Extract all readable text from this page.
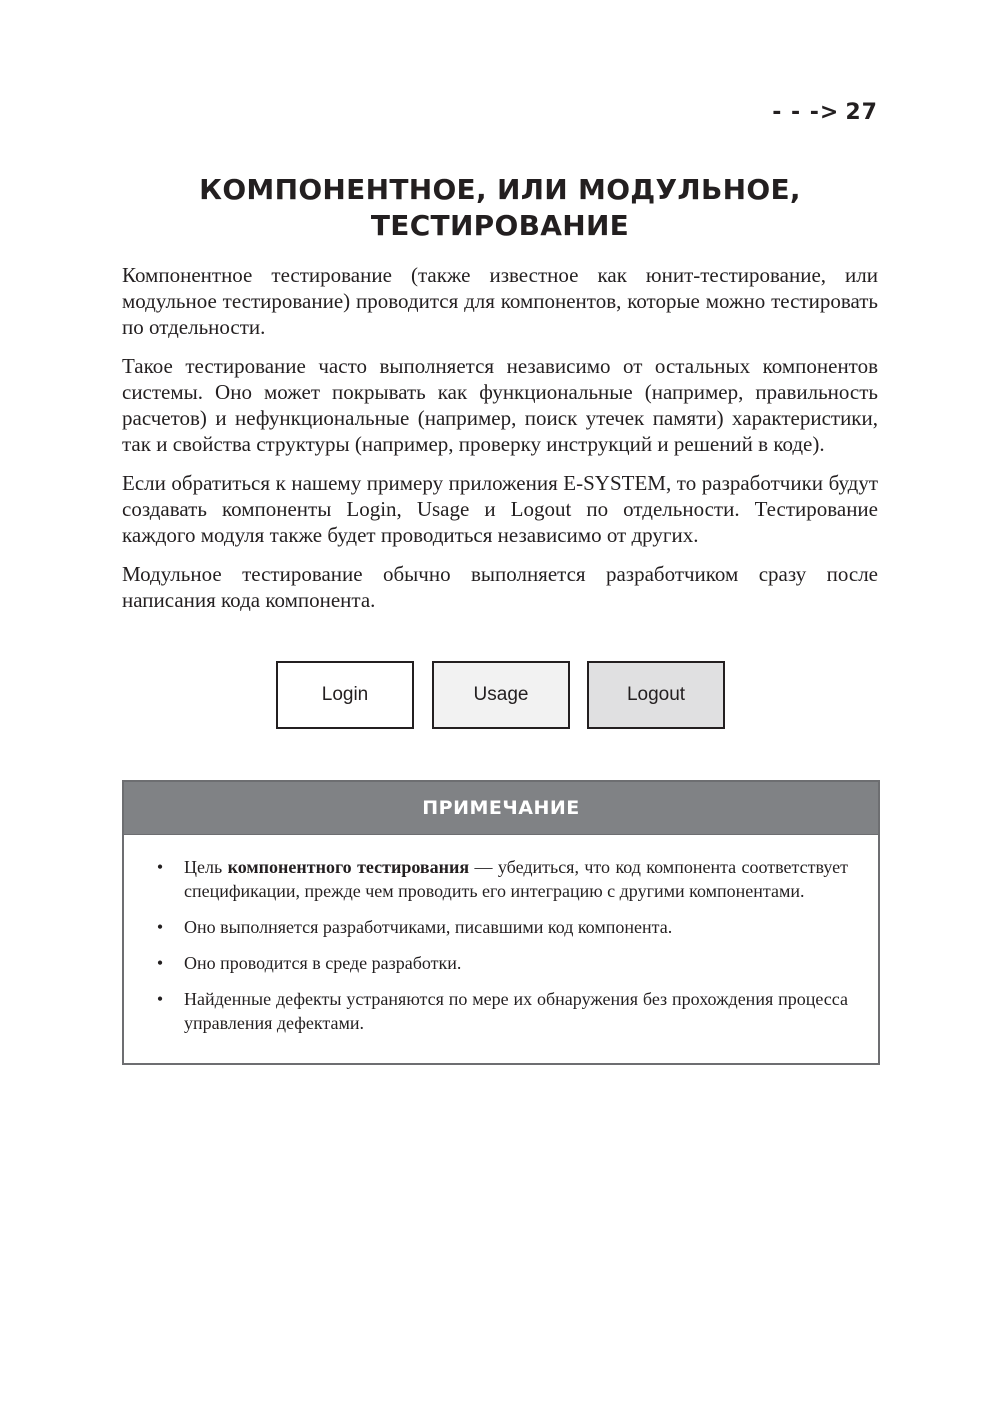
- - -> 27
КОМПОНЕНТНОЕ, ИЛИ МОДУЛЬНОЕ,
ТЕСТИРОВАНИЕ

Компонентное тестирование (также известное как юнит-тестирование, или модульное тестирование) проводится для компонентов, которые можно тестировать по отдельности.

Такое тестирование часто выполняется независимо от остальных компонентов системы. Оно может покрывать как функциональные (например, правильность расчетов) и нефункциональные (например, поиск утечек памяти) характеристики, так и свойства структуры (например, проверку инструкций и решений в коде).

Если обратиться к нашему примеру приложения E-SYSTEM, то разработчики будут создавать компоненты Login, Usage и Logout по отдельности. Тестирование каждого модуля также будет проводиться независимо от других.

Модульное тестирование обычно выполняется разработчиком сразу после написания кода компонента.

Login	Usage	Logout
ПРИМЕЧАНИЕ
• Цель компонентного тестирования — убедиться, что код компонента соответствует спецификации, прежде чем проводить его интеграцию с другими компонентами.
• Оно выполняется разработчиками, писавшими код компонента.
• Оно проводится в среде разработки.
• Найденные дефекты устраняются по мере их обнаружения без прохождения процесса управления дефектами.
